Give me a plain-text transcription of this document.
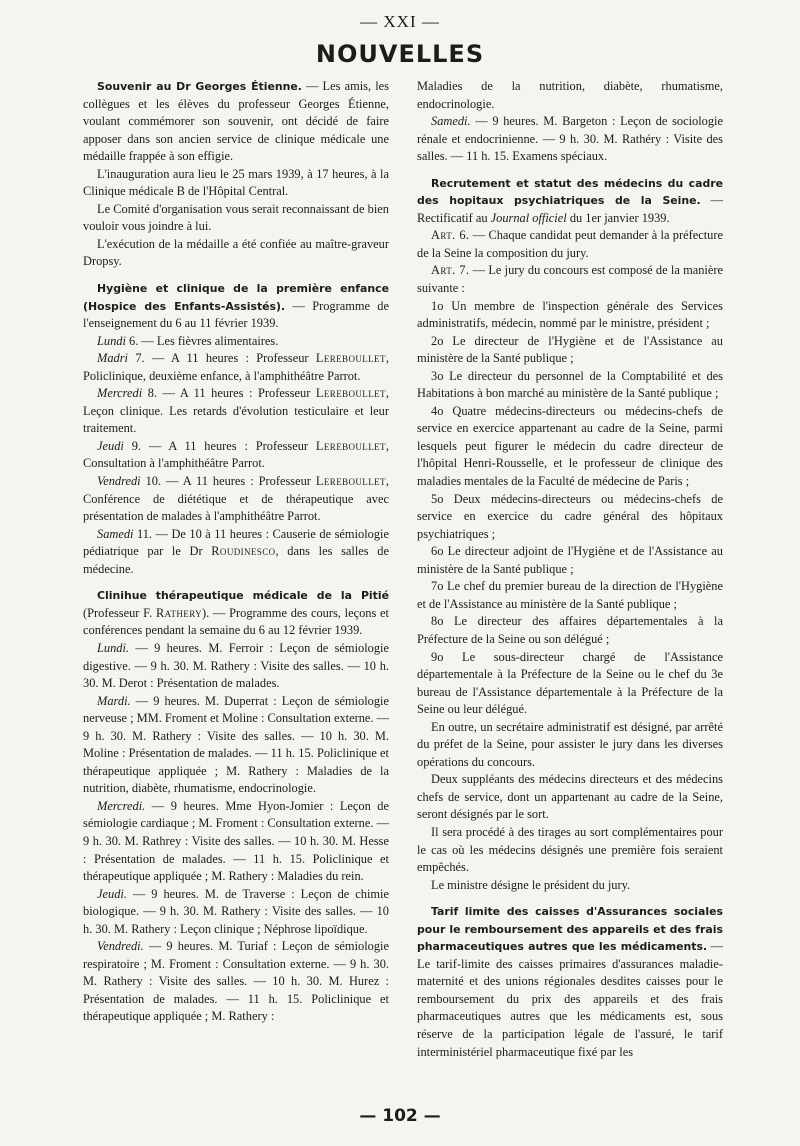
— XXI —
NOUVELLES

Souvenir au Dr Georges Étienne. — Les amis, les collègues et les élèves du professeur Georges Étienne, voulant commémorer son souvenir, ont décidé de faire apposer dans son ancien service de clinique médicale une médaille frappée à son effigie.

L'inauguration aura lieu le 25 mars 1939, à 17 heures, à la Clinique médicale B de l'Hôpital Central.

Le Comité d'organisation vous serait reconnaissant de bien vouloir vous joindre à lui.

L'exécution de la médaille a été confiée au maître-graveur Dropsy.

Hygiène et clinique de la première enfance (Hospice des Enfants-Assistés). — Programme de l'enseignement du 6 au 11 février 1939.

Lundi 6. — Les fièvres alimentaires.

Madri 7. — A 11 heures : Professeur Lereboullet, Policlinique, deuxième enfance, à l'amphithéâtre Parrot.

Mercredi 8. — A 11 heures : Professeur Lereboullet, Leçon clinique. Les retards d'évolution testiculaire et leur traitement.

Jeudi 9. — A 11 heures : Professeur Lereboullet, Consultation à l'amphithéâtre Parrot.

Vendredi 10. — A 11 heures : Professeur Lereboullet, Conférence de diététique et de thérapeutique avec présentation de malades à l'amphithéâtre Parrot.

Samedi 11. — De 10 à 11 heures : Causerie de sémiologie pédiatrique par le Dr Roudinesco, dans les salles de médecine.

Clinihue thérapeutique médicale de la Pitié (Professeur F. Rathery). — Programme des cours, leçons et conférences pendant la semaine du 6 au 12 février 1939.

Lundi. — 9 heures. M. Ferroir : Leçon de sémiologie digestive. — 9 h. 30. M. Rathery : Visite des salles. — 10 h. 30. M. Derot : Présentation de malades.

Mardi. — 9 heures. M. Duperrat : Leçon de sémiologie nerveuse ; MM. Froment et Moline : Consultation externe. — 9 h. 30. M. Rathery : Visite des salles. — 10 h. 30. M. Moline : Présentation de malades. — 11 h. 15. Policlinique et thérapeutique appliquée ; M. Rathery : Maladies de la nutrition, diabète, rhumatisme, endocrinologie.

Mercredi. — 9 heures. Mme Hyon-Jomier : Leçon de sémiologie cardiaque ; M. Froment : Consultation externe. — 9 h. 30. M. Rathrey : Visite des salles. — 10 h. 30. M. Hesse : Présentation de malades. — 11 h. 15. Policlinique et thérapeutique appliquée ; M. Rathery : Maladies du rein.

Jeudi. — 9 heures. M. de Traverse : Leçon de chimie biologique. — 9 h. 30. M. Rathery : Visite des salles. — 10 h. 30. M. Rathery : Leçon clinique ; Néphrose lipoïdique.

Vendredi. — 9 heures. M. Turiaf : Leçon de sémiologie respiratoire ; M. Froment : Consultation externe. — 9 h. 30. M. Rathery : Visite des salles. — 10 h. 30. M. Hurez : Présentation de malades. — 11 h. 15. Policlinique et thérapeutique appliquée ; M. Rathery :

Maladies de la nutrition, diabète, rhumatisme, endocrinologie.

Samedi. — 9 heures. M. Bargeton : Leçon de sociologie rénale et endocrinienne. — 9 h. 30. M. Rathéry : Visite des salles. — 11 h. 15. Examens spéciaux.

Recrutement et statut des médecins du cadre des hopitaux psychiatriques de la Seine. — Rectificatif au Journal officiel du 1er janvier 1939.

Art. 6. — Chaque candidat peut demander à la préfecture de la Seine la composition du jury.

Art. 7. — Le jury du concours est composé de la manière suivante :

1o Un membre de l'inspection générale des Services administratifs, médecin, nommé par le ministre, président ;

2o Le directeur de l'Hygiène et de l'Assistance au ministère de la Santé publique ;

3o Le directeur du personnel de la Comptabilité et des Habitations à bon marché au ministère de la Santé publique ;

4o Quatre médecins-directeurs ou médecins-chefs de service en exercice appartenant au cadre de la Seine, parmi lesquels peut figurer le médecin du cadre directeur de l'hôpital Henri-Rousselle, et le professeur de clinique des maladies mentales de la Faculté de médecine de Paris ;

5o Deux médecins-directeurs ou médecins-chefs de service en exercice du cadre général des hôpitaux psychiatriques ;

6o Le directeur adjoint de l'Hygiène et de l'Assistance au ministère de la Santé publique ;

7o Le chef du premier bureau de la direction de l'Hygiène et de l'Assistance au ministère de la Santé publique ;

8o Le directeur des affaires départementales à la Préfecture de la Seine ou son délégué ;

9o Le sous-directeur chargé de l'Assistance départementale à la Préfecture de la Seine ou le chef du 3e bureau de l'Assistance départementale à la Préfecture de la Seine ou leur délégué.

En outre, un secrétaire administratif est désigné, par arrêté du préfet de la Seine, pour assister le jury dans les diverses opérations du concours.

Deux suppléants des médecins directeurs et des médecins chefs de service, dont un appartenant au cadre de la Seine, seront désignés par le sort.

Il sera procédé à des tirages au sort complémentaires pour le cas où les médecins désignés une première fois seraient empêchés.

Le ministre désigne le président du jury.

Tarif limite des caisses d'Assurances sociales pour le remboursement des appareils et des frais pharmaceutiques autres que les médicaments. — Le tarif-limite des caisses primaires d'assurances maladie-maternité et des unions régionales desdites caisses pour le remboursement du prix des appareils et des frais pharmaceutiques autres que les médicaments est, sous réserve de la participation légale de l'assuré, le tarif interministériel pharmaceutique fixé par les

— 102 —
